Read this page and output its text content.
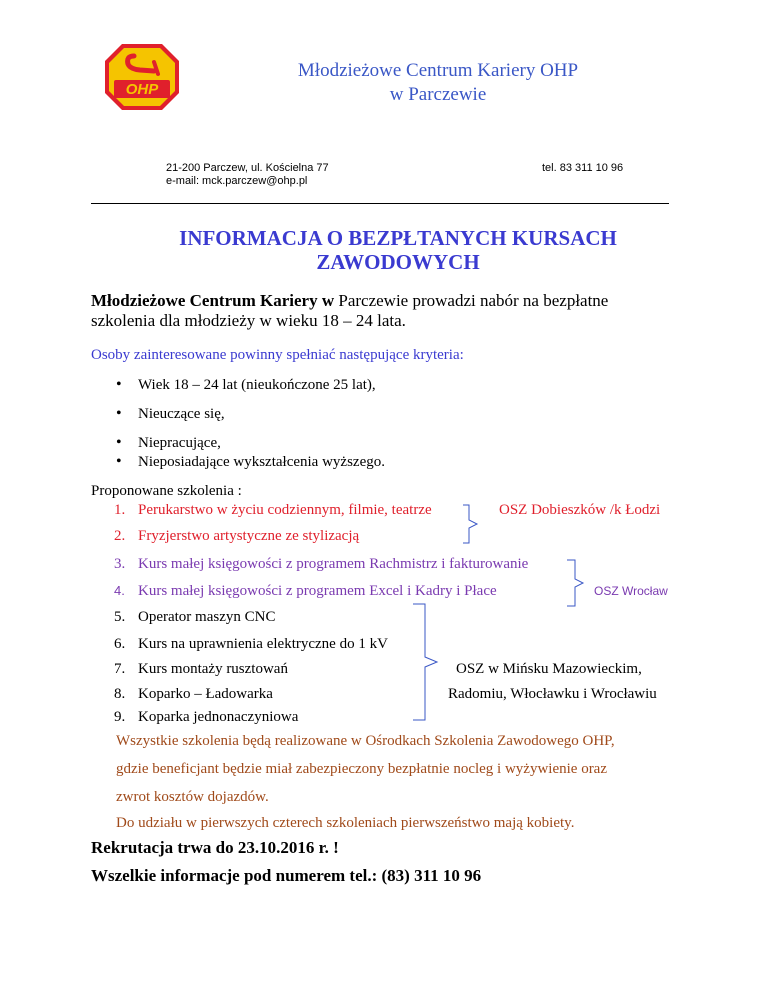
OHP
Młodzieżowe Centrum Kariery OHP
w Parczewie
21-200 Parczew, ul. Kościelna 77
e-mail: mck.parczew@ohp.pl
tel. 83 311 10 96
INFORMACJA O BEZPŁTANYCH KURSACH
ZAWODOWYCH
Młodzieżowe Centrum Kariery w Parczewie prowadzi nabór na bezpłatne
szkolenia dla młodzieży w wieku 18 – 24 lata.
Osoby zainteresowane powinny spełniać następujące kryteria:
• Wiek 18 – 24 lat (nieukończone 25 lat),
• Nieuczące się,
• Niepracujące,
• Nieposiadające wykształcenia wyższego.
Proponowane szkolenia :
1. Perukarstwo w życiu codziennym, filmie, teatrze
2. Fryzjerstwo artystyczne ze stylizacją
3. Kurs małej księgowości z programem Rachmistrz i fakturowanie
4. Kurs małej księgowości z programem Excel i Kadry i Płace
5. Operator maszyn CNC
6. Kurs na uprawnienia elektryczne do 1 kV
7. Kurs montaży rusztowań
8. Koparko – Ładowarka
9. Koparka jednonaczyniowa
OSZ Dobieszków /k Łodzi
OSZ Wrocław
OSZ w Mińsku Mazowieckim,
Radomiu, Włocławku i Wrocławiu
Wszystkie szkolenia będą realizowane w Ośrodkach Szkolenia Zawodowego OHP,
gdzie beneficjant będzie miał zabezpieczony bezpłatnie nocleg i wyżywienie oraz
zwrot kosztów dojazdów.
Do udziału w pierwszych czterech szkoleniach pierwszeństwo mają kobiety.
Rekrutacja trwa do 23.10.2016 r. !
Wszelkie informacje pod numerem tel.: (83) 311 10 96
